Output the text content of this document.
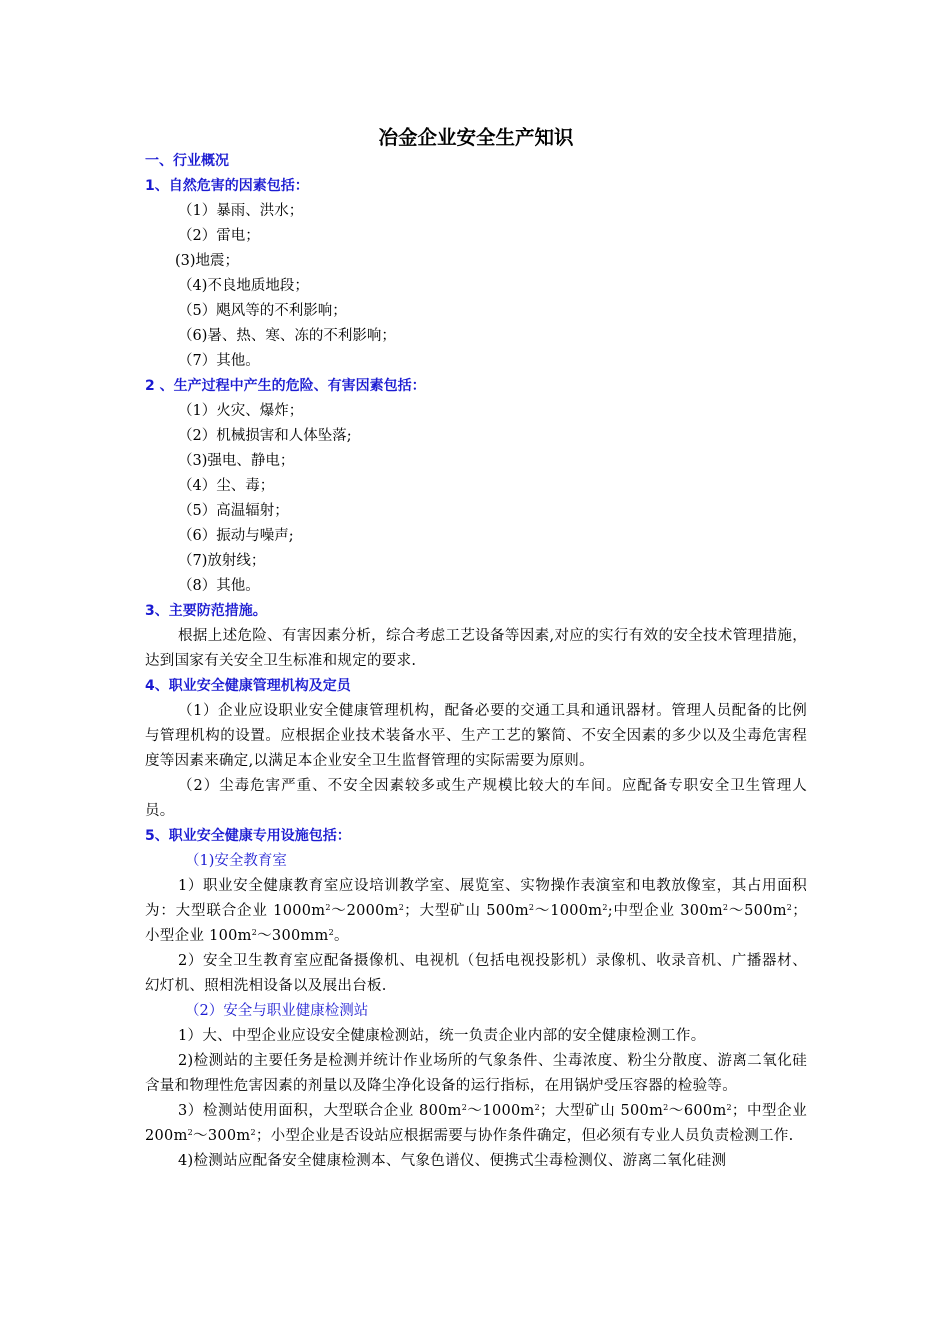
冶金企业安全生产知识
一、行业概况
1、自然危害的因素包括：
（1）暴雨、洪水；
（2）雷电；
(3)地震；
（4)不良地质地段；
（5）飓风等的不利影响；
（6)暑、热、寒、冻的不利影响；
（7）其他。
2 、生产过程中产生的危险、有害因素包括：
（1）火灾、爆炸；
（2）机械损害和人体坠落;
（3)强电、静电；
（4）尘、毒；
（5）高温辐射；
（6）振动与噪声;
（7)放射线；
（8）其他。
3、主要防范措施。
根据上述危险、有害因素分析，综合考虑工艺设备等因素,对应的实行有效的安全技术管理措施，达到国家有关安全卫生标准和规定的要求.
4、职业安全健康管理机构及定员
（1）企业应设职业安全健康管理机构，配备必要的交通工具和通讯器材。管理人员配备的比例与管理机构的设置。应根据企业技术装备水平、生产工艺的繁简、不安全因素的多少以及尘毒危害程度等因素来确定,以满足本企业安全卫生监督管理的实际需要为原则。
（2）尘毒危害严重、不安全因素较多或生产规模比较大的车间。应配备专职安全卫生管理人员。
5、职业安全健康专用设施包括：
（1)安全教育室
1）职业安全健康教育室应设培训教学室、展览室、实物操作表演室和电教放像室，其占用面积为：大型联合企业 $1000m^2\sim 2000m^2$；大型矿山 $500m^2\sim 1000m^2$;中型企业 $300m^2\sim 500m^2$；小型企业 $100m^2\sim 300mm^2$。
2）安全卫生教育室应配备摄像机、电视机（包括电视投影机）录像机、收录音机、广播器材、幻灯机、照相洗相设备以及展出台板.
（2）安全与职业健康检测站
1）大、中型企业应设安全健康检测站，统一负责企业内部的安全健康检测工作。
2)检测站的主要任务是检测并统计作业场所的气象条件、尘毒浓度、粉尘分散度、游离二氧化硅含量和物理性危害因素的剂量以及降尘净化设备的运行指标，在用锅炉受压容器的检验等。
3）检测站使用面积，大型联合企业 $800m^2\sim 1000m^2$；大型矿山 $500m^2\sim 600m^2$；中型企业 $200m^2\sim 300m^2$；小型企业是否设站应根据需要与协作条件确定，但必须有专业人员负责检测工作.
4)检测站应配备安全健康检测本、气象色谱仪、便携式尘毒检测仪、游离二氧化硅测
